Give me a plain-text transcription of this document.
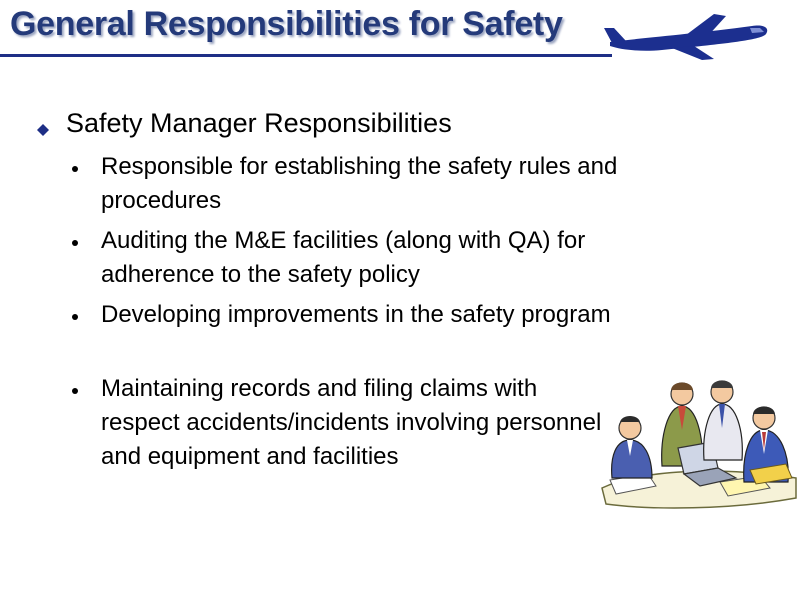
General Responsibilities for Safety
Safety Manager Responsibilities
Responsible for establishing the safety rules and procedures
Auditing the M&E facilities (along with QA) for adherence to the safety policy
Developing improvements in the safety program
Maintaining records and filing claims with respect accidents/incidents involving personnel and equipment and facilities
